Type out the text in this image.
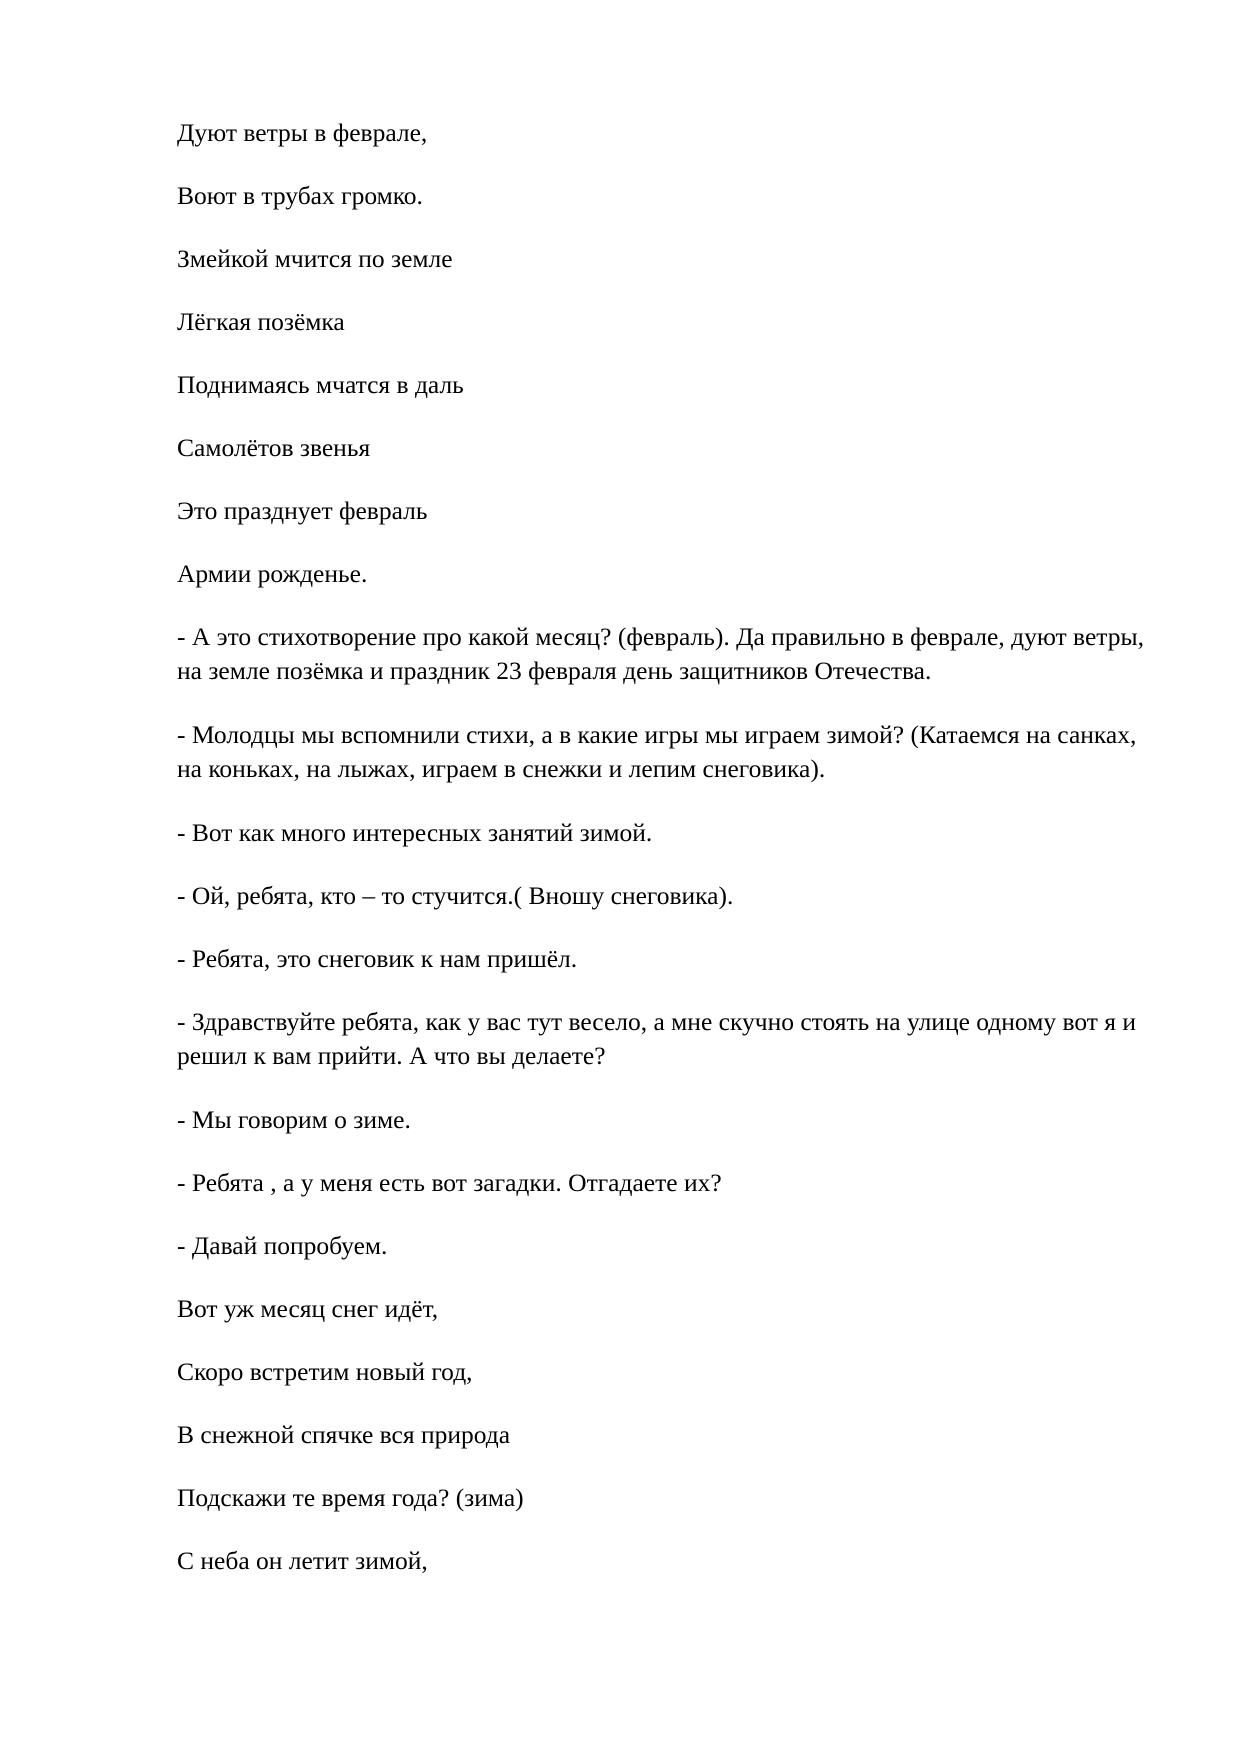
Дуют ветры в феврале,

Воют в трубах громко.

Змейкой мчится по земле

Лёгкая позёмка

Поднимаясь мчатся в даль

Самолётов звенья

Это празднует февраль

Армии рожденье.

- А это стихотворение про какой месяц? (февраль). Да правильно в феврале, дуют ветры, на земле позёмка и праздник 23 февраля день защитников Отечества.

- Молодцы мы вспомнили стихи, а в какие игры мы играем зимой? (Катаемся на санках, на коньках, на лыжах, играем в снежки и лепим снеговика).

- Вот как много интересных занятий зимой.

- Ой, ребята, кто – то стучится.( Вношу снеговика).

- Ребята, это снеговик к нам пришёл.

- Здравствуйте ребята, как у вас тут весело, а мне скучно стоять на улице одному вот я и решил к вам прийти. А что вы делаете?

- Мы говорим о зиме.

- Ребята , а у меня есть вот загадки. Отгадаете их?

- Давай попробуем.

Вот уж месяц снег идёт,

Скоро встретим новый год,

В снежной спячке вся природа

Подскажи те время года? (зима)

С неба он летит зимой,
